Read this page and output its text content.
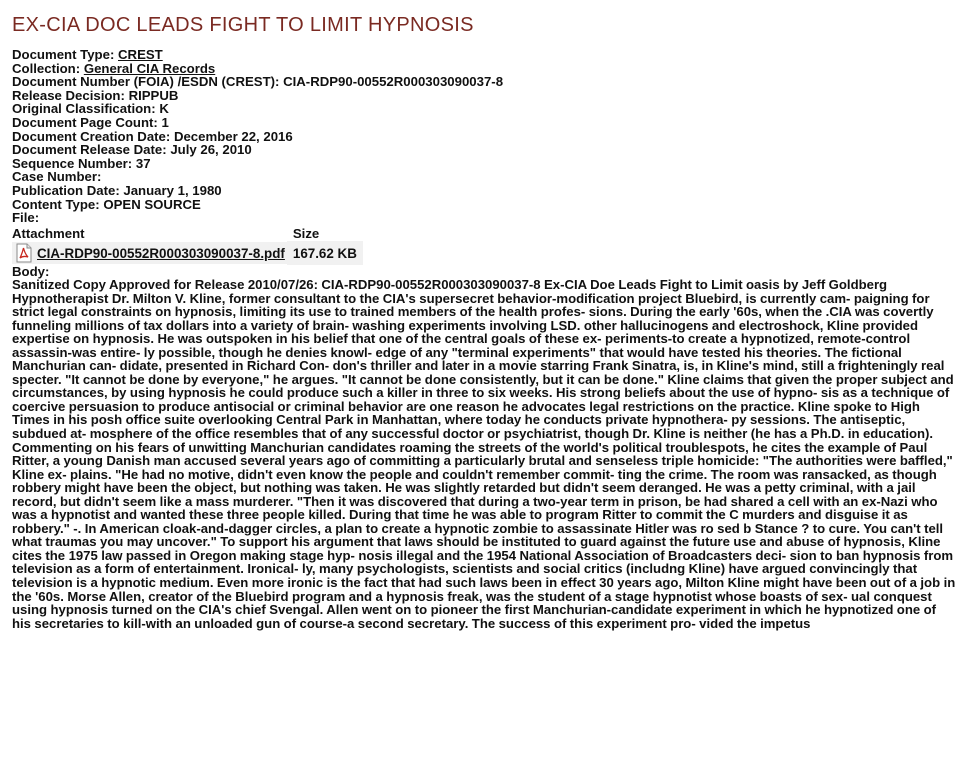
EX-CIA DOC LEADS FIGHT TO LIMIT HYPNOSIS
Document Type: CREST
Collection: General CIA Records
Document Number (FOIA) /ESDN (CREST): CIA-RDP90-00552R000303090037-8
Release Decision: RIPPUB
Original Classification: K
Document Page Count: 1
Document Creation Date: December 22, 2016
Document Release Date: July 26, 2010
Sequence Number: 37
Case Number:
Publication Date: January 1, 1980
Content Type: OPEN SOURCE
File:
Attachment	Size

CIA-RDP90-00552R000303090037-8.pdf	167.62 KB
Body:
Sanitized Copy Approved for Release 2010/07/26: CIA-RDP90-00552R000303090037-8 Ex-CIA Doe Leads Fight to Limit oasis by Jeff Goldberg Hypnotherapist Dr. Milton V. Kline, former consultant to the CIA's supersecret behavior-modification project Bluebird, is currently cam- paigning for strict legal constraints on hypnosis, limiting its use to trained members of the health profes- sions. During the early '60s, when the .CIA was covertly funneling millions of tax dollars into a variety of brain- washing experiments involving LSD. other hallucinogens and electroshock, Kline provided expertise on hypnosis. He was outspoken in his belief that one of the central goals of these ex- periments-to create a hypnotized, remote-control assassin-was entire- ly possible, though he denies knowl- edge of any "terminal experiments" that would have tested his theories. The fictional Manchurian can- didate, presented in Richard Con- don's thriller and later in a movie starring Frank Sinatra, is, in Kline's mind, still a frighteningly real specter. "It cannot be done by everyone," he argues. "It cannot be done consistently, but it can be done." Kline claims that given the proper subject and circumstances, by using hypnosis he could produce such a killer in three to six weeks. His strong beliefs about the use of hypno- sis as a technique of coercive persuasion to produce antisocial or criminal behavior are one reason he advocates legal restrictions on the practice. Kline spoke to High Times in his posh office suite overlooking Central Park in Manhattan, where today he conducts private hypnothera- py sessions. The antiseptic, subdued at- mosphere of the office resembles that of any successful doctor or psychiatrist, though Dr. Kline is neither (he has a Ph.D. in education). Commenting on his fears of unwitting Manchurian candidates roaming the streets of the world's political troublespots, he cites the example of Paul Ritter, a young Danish man accused several years ago of committing a particularly brutal and senseless triple homicide: "The authorities were baffled," Kline ex- plains. "He had no motive, didn't even know the people and couldn't remember commit- ting the crime. The room was ransacked, as though robbery might have been the object, but nothing was taken. He was slightly retarded but didn't seem deranged. He was a petty criminal, with a jail record, but didn't seem like a mass murderer. "Then it was discovered that during a two-year term in prison, be had shared a cell with an ex-Nazi who was a hypnotist and wanted these three people killed. During that time he was able to program Ritter to commit the C murders and disguise it as robbery." -. In American cloak-and-dagger circles, a plan to create a hypnotic zombie to assassinate Hitler was ro sed b Stance ? to cure. You can't tell what traumas you may uncover." To support his argument that laws should be instituted to guard against the future use and abuse of hypnosis, Kline cites the 1975 law passed in Oregon making stage hyp- nosis illegal and the 1954 National Association of Broadcasters deci- sion to ban hypnosis from television as a form of entertainment. Ironical- ly, many psychologists, scientists and social critics (includng Kline) have argued convincingly that television is a hypnotic medium. Even more ironic is the fact that had such laws been in effect 30 years ago, Milton Kline might have been out of a job in the '60s. Morse Allen, creator of the Bluebird program and a hypnosis freak, was the student of a stage hypnotist whose boasts of sex- ual conquest using hypnosis turned on the CIA's chief Svengal. Allen went on to pioneer the first Manchurian-candidate experiment in which he hypnotized one of his secretaries to kill-with an unloaded gun of course-a second secretary. The success of this experiment pro- vided the impetus
